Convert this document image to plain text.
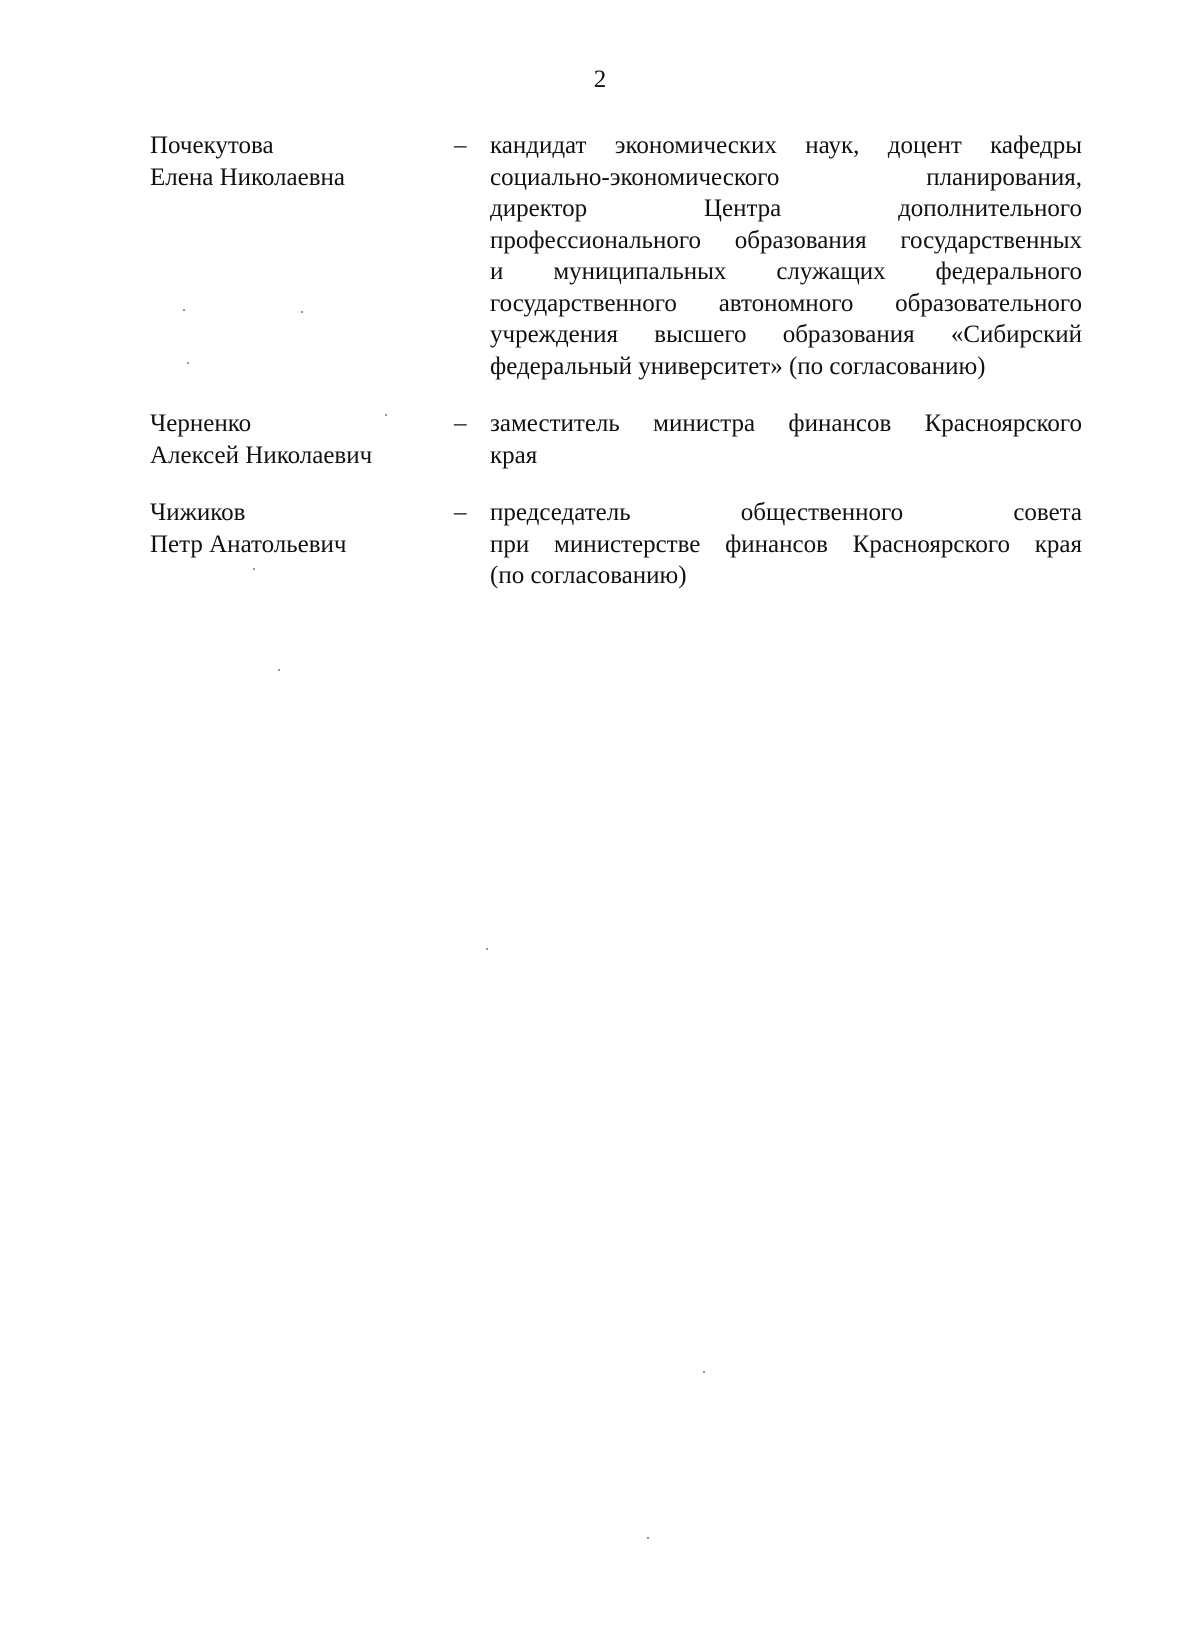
2
Почекутова
Елена Николаевна
– кандидат экономических наук, доцент кафедры
социально-экономического планирования,
директор Центра дополнительного
профессионального образования государственных
и муниципальных служащих федерального
государственного автономного образовательного
учреждения высшего образования «Сибирский
федеральный университет» (по согласованию)
Черненко
Алексей Николаевич
– заместитель министра финансов Красноярского
края
Чижиков
Петр Анатольевич
– председатель общественного совета
при министерстве финансов Красноярского края
(по согласованию)
